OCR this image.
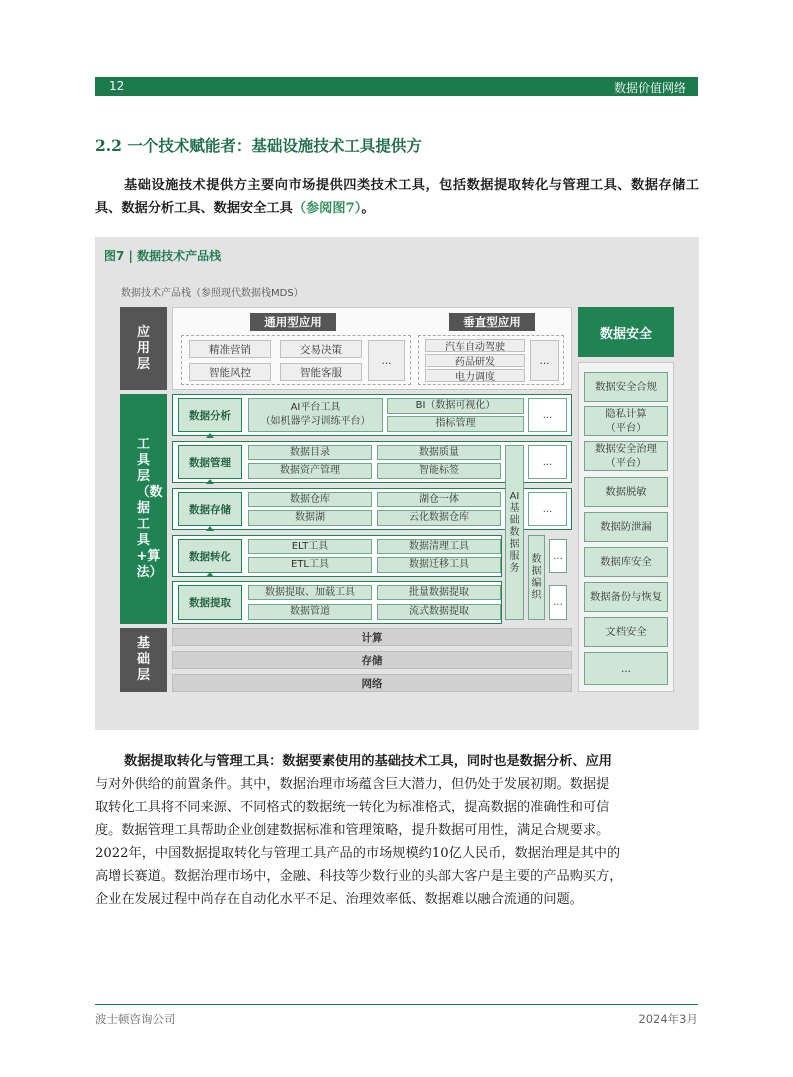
12	数据价值网络
2.2 一个技术赋能者：基础设施技术工具提供方
基础设施技术提供方主要向市场提供四类技术工具，包括数据提取转化与管理工具、数据存储工具、数据分析工具、数据安全工具（参阅图7）。
图7 | 数据技术产品栈
数据技术产品栈（参照现代数据栈MDS）
应用层
工具层（数据工具+算法）
基础层
通用型应用	垂直型应用
精准营销	交易决策
智能风控	智能客服
...
汽车自动驾驶
药品研发
电力调度
...
数据分析
AI平台工具
（如机器学习训练平台）
BI（数据可视化）
指标管理
...
数据管理
数据目录	数据质量
数据资产管理	智能标签
...
数据存储
数据仓库	湖仓一体
数据湖	云化数据仓库
...
数据转化
ELT工具	数据清理工具
ETL工具	数据迁移工具
数据提取
数据提取、加载工具	批量数据提取
数据管道	流式数据提取
AI基础数据服务
数据编织
...
...
计算
存储
网络
数据安全
数据安全合规
隐私计算
（平台）
数据安全治理
（平台）
数据脱敏
数据防泄漏
数据库安全
数据备份与恢复
文档安全
...
数据提取转化与管理工具：数据要素使用的基础技术工具，同时也是数据分析、应用
与对外供给的前置条件。其中，数据治理市场蕴含巨大潜力，但仍处于发展初期。数据提
取转化工具将不同来源、不同格式的数据统一转化为标准格式，提高数据的准确性和可信
度。数据管理工具帮助企业创建数据标准和管理策略，提升数据可用性，满足合规要求。
2022年，中国数据提取转化与管理工具产品的市场规模约10亿人民币，数据治理是其中的
高增长赛道。数据治理市场中，金融、科技等少数行业的头部大客户是主要的产品购买方，
企业在发展过程中尚存在自动化水平不足、治理效率低、数据难以融合流通的问题。
波士顿咨询公司	2024年3月
